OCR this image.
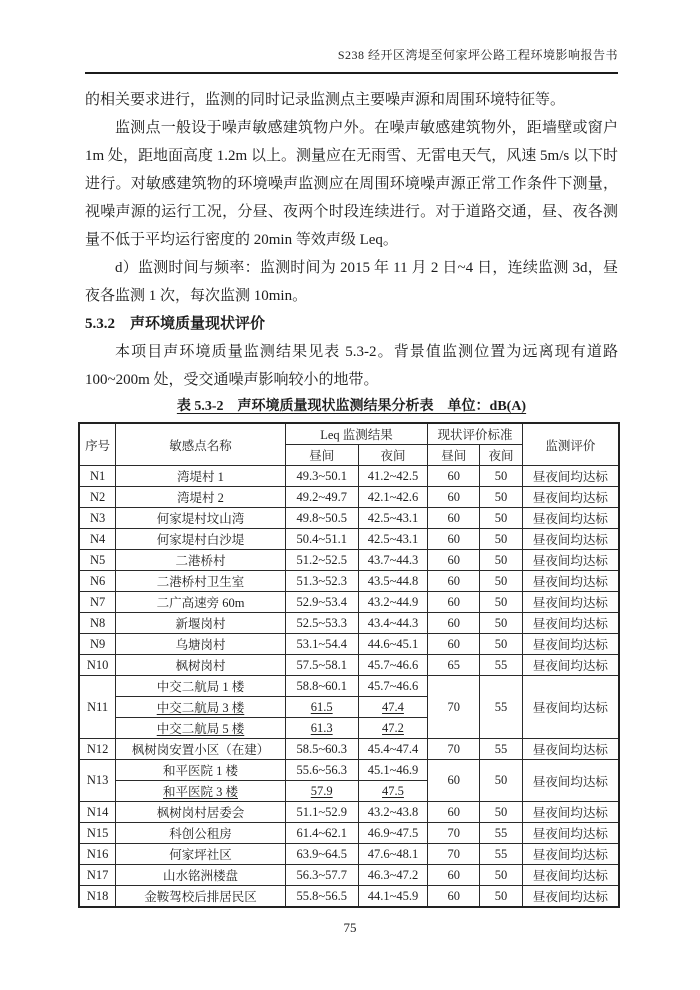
S238 经开区湾堤至何家坪公路工程环境影响报告书

的相关要求进行，监测的同时记录监测点主要噪声源和周围环境特征等。

监测点一般设于噪声敏感建筑物户外。在噪声敏感建筑物外，距墙壁或窗户 1m 处，距地面高度 1.2m 以上。测量应在无雨雪、无雷电天气，风速 5m/s 以下时进行。对敏感建筑物的环境噪声监测应在周围环境噪声源正常工作条件下测量，视噪声源的运行工况，分昼、夜两个时段连续进行。对于道路交通，昼、夜各测量不低于平均运行密度的 20min 等效声级 Leq。

d）监测时间与频率：监测时间为 2015 年 11 月 2 日~4 日，连续监测 3d，昼夜各监测 1 次，每次监测 10min。

5.3.2　声环境质量现状评价

本项目声环境质量监测结果见表 5.3-2。背景值监测位置为远离现有道路 100~200m 处，受交通噪声影响较小的地带。

表 5.3-2　声环境质量现状监测结果分析表　单位：dB(A)
序号	敏感点名称	Leq 监测结果		现状评价标准		监测评价
		昼间	夜间	昼间	夜间	
N1	湾堤村 1	49.3~50.1	41.2~42.5	60	50	昼夜间均达标
N2	湾堤村 2	49.2~49.7	42.1~42.6	60	50	昼夜间均达标
N3	何家堤村坟山湾	49.8~50.5	42.5~43.1	60	50	昼夜间均达标
N4	何家堤村白沙堤	50.4~51.1	42.5~43.1	60	50	昼夜间均达标
N5	二港桥村	51.2~52.5	43.7~44.3	60	50	昼夜间均达标
N6	二港桥村卫生室	51.3~52.3	43.5~44.8	60	50	昼夜间均达标
N7	二广高速旁 60m	52.9~53.4	43.2~44.9	60	50	昼夜间均达标
N8	新堰岗村	52.5~53.3	43.4~44.3	60	50	昼夜间均达标
N9	乌塘岗村	53.1~54.4	44.6~45.1	60	50	昼夜间均达标
N10	枫树岗村	57.5~58.1	45.7~46.6	65	55	昼夜间均达标
N11	中交二航局 1 楼	58.8~60.1	45.7~46.6	70	55	昼夜间均达标
	中交二航局 3 楼	61.5	47.4			
	中交二航局 5 楼	61.3	47.2			
N12	枫树岗安置小区（在建）	58.5~60.3	45.4~47.4	70	55	昼夜间均达标
N13	和平医院 1 楼	55.6~56.3	45.1~46.9	60	50	昼夜间均达标
	和平医院 3 楼	57.9	47.5			
N14	枫树岗村居委会	51.1~52.9	43.2~43.8	60	50	昼夜间均达标
N15	科创公租房	61.4~62.1	46.9~47.5	70	55	昼夜间均达标
N16	何家坪社区	63.9~64.5	47.6~48.1	70	55	昼夜间均达标
N17	山水铭洲楼盘	56.3~57.7	46.3~47.2	60	50	昼夜间均达标
N18	金鞍驾校后排居民区	55.8~56.5	44.1~45.9	60	50	昼夜间均达标
75
